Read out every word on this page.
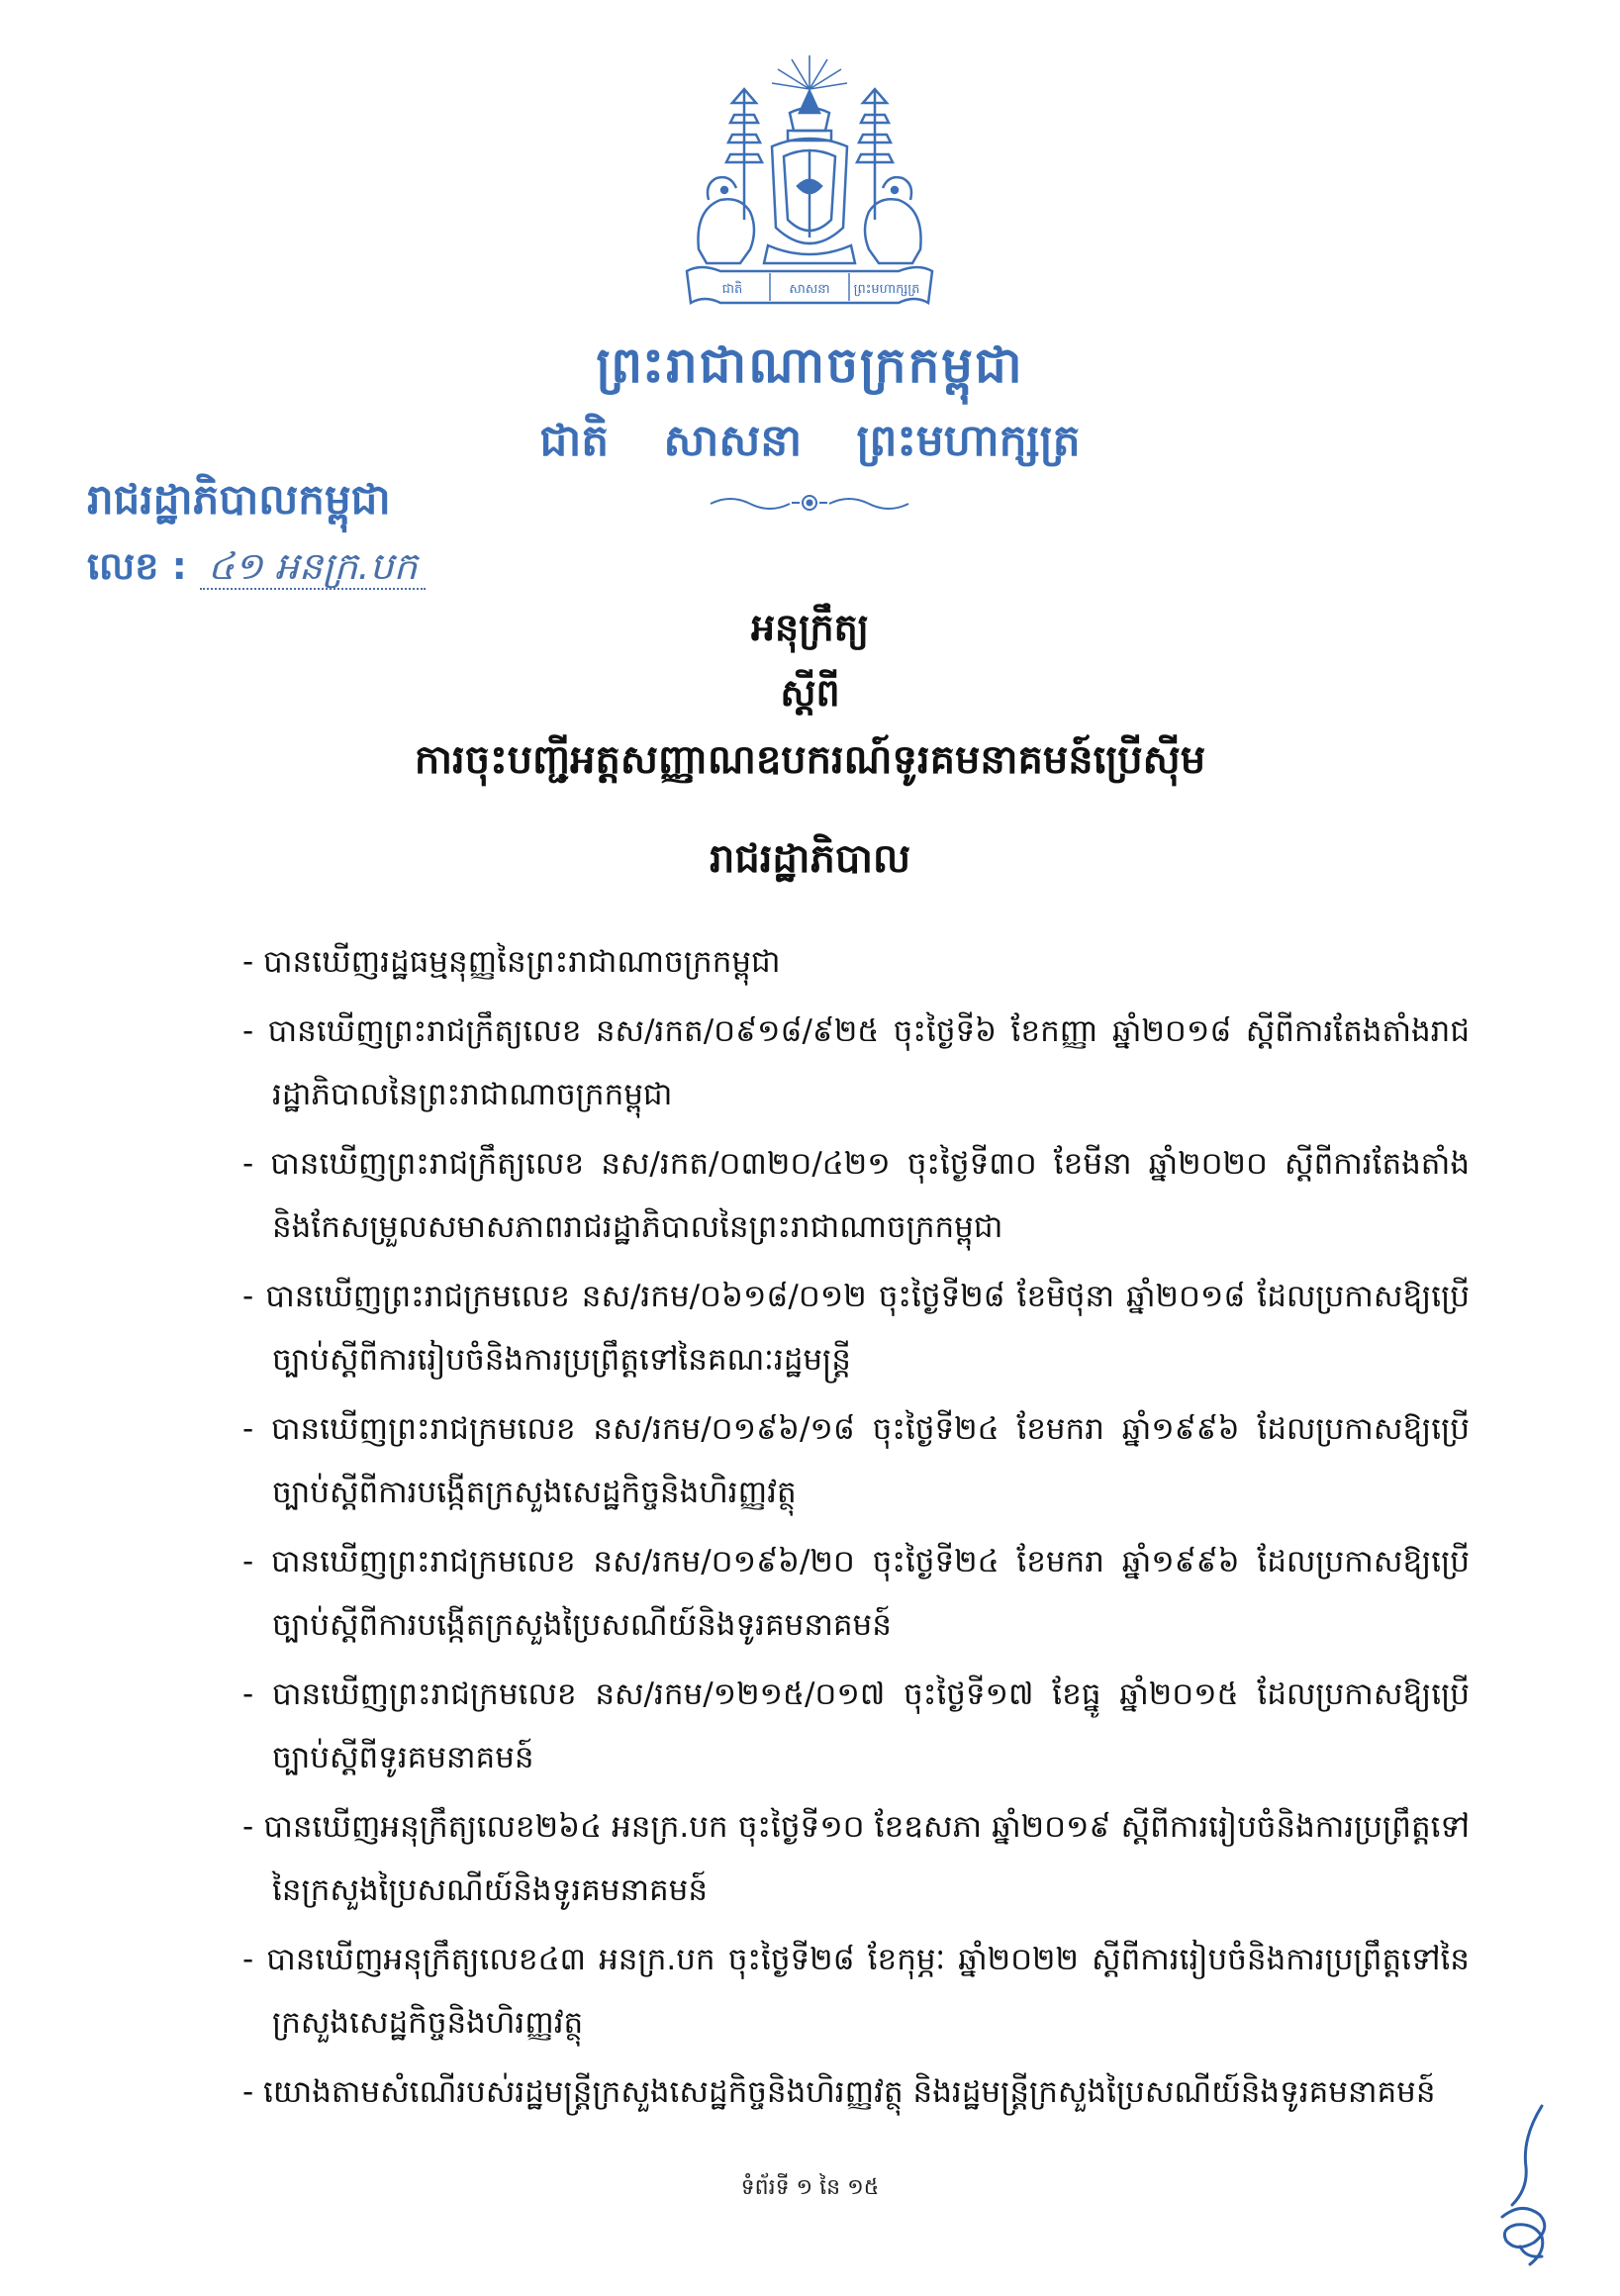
ជាតិ	សាសនា ព្រះមហាក្សត្រ
ព្រះរាជាណាចក្រកម្ពុជា
ជាតិ សាសនា ព្រះមហាក្សត្រ
រាជរដ្ឋាភិបាលកម្ពុជា
លេខ : ៤១ អនក្រ.បក
អនុក្រឹត្យ
ស្ដីពី
ការចុះបញ្ជីអត្តសញ្ញាណឧបករណ៍ទូរគមនាគមន៍ប្រើស៊ីម
រាជរដ្ឋាភិបាល

- បានឃើញរដ្ឋធម្មនុញ្ញនៃព្រះរាជាណាចក្រកម្ពុជា

- បានឃើញព្រះរាជក្រឹត្យលេខ នស/រកត/០៩១៨/៩២៥ ចុះថ្ងៃទី៦ ខែកញ្ញា ឆ្នាំ២០១៨ ស្ដីពីការតែងតាំងរាជរដ្ឋាភិបាលនៃព្រះរាជាណាចក្រកម្ពុជា

- បានឃើញព្រះរាជក្រឹត្យលេខ នស/រកត/០៣២០/៤២១ ចុះថ្ងៃទី៣០ ខែមីនា ឆ្នាំ២០២០ ស្ដីពីការតែងតាំង និងកែសម្រួលសមាសភាពរាជរដ្ឋាភិបាលនៃព្រះរាជាណាចក្រកម្ពុជា

- បានឃើញព្រះរាជក្រមលេខ នស/រកម/០៦១៨/០១២ ចុះថ្ងៃទី២៨ ខែមិថុនា ឆ្នាំ២០១៨ ដែលប្រកាសឱ្យប្រើច្បាប់ស្ដីពីការរៀបចំនិងការប្រព្រឹត្តទៅនៃគណៈរដ្ឋមន្ត្រី

- បានឃើញព្រះរាជក្រមលេខ នស/រកម/០១៩៦/១៨ ចុះថ្ងៃទី២៤ ខែមករា ឆ្នាំ១៩៩៦ ដែលប្រកាសឱ្យប្រើច្បាប់ស្ដីពីការបង្កើតក្រសួងសេដ្ឋកិច្ចនិងហិរញ្ញវត្ថុ

- បានឃើញព្រះរាជក្រមលេខ នស/រកម/០១៩៦/២០ ចុះថ្ងៃទី២៤ ខែមករា ឆ្នាំ១៩៩៦ ដែលប្រកាសឱ្យប្រើច្បាប់ស្ដីពីការបង្កើតក្រសួងប្រៃសណីយ៍និងទូរគមនាគមន៍

- បានឃើញព្រះរាជក្រមលេខ នស/រកម/១២១៥/០១៧ ចុះថ្ងៃទី១៧ ខែធ្នូ ឆ្នាំ២០១៥ ដែលប្រកាសឱ្យប្រើច្បាប់ស្ដីពីទូរគមនាគមន៍

- បានឃើញអនុក្រឹត្យលេខ២៦៤ អនក្រ.បក ចុះថ្ងៃទី១០ ខែឧសភា ឆ្នាំ២០១៩ ស្ដីពីការរៀបចំនិងការប្រព្រឹត្តទៅនៃក្រសួងប្រៃសណីយ៍និងទូរគមនាគមន៍

- បានឃើញអនុក្រឹត្យលេខ៤៣ អនក្រ.បក ចុះថ្ងៃទី២៨ ខែកុម្ភៈ ឆ្នាំ២០២២ ស្ដីពីការរៀបចំនិងការប្រព្រឹត្តទៅនៃក្រសួងសេដ្ឋកិច្ចនិងហិរញ្ញវត្ថុ

- យោងតាមសំណើរបស់រដ្ឋមន្ត្រីក្រសួងសេដ្ឋកិច្ចនិងហិរញ្ញវត្ថុ និងរដ្ឋមន្ត្រីក្រសួងប្រៃសណីយ៍និងទូរគមនាគមន៍

ទំព័រទី ១ នៃ ១៥
